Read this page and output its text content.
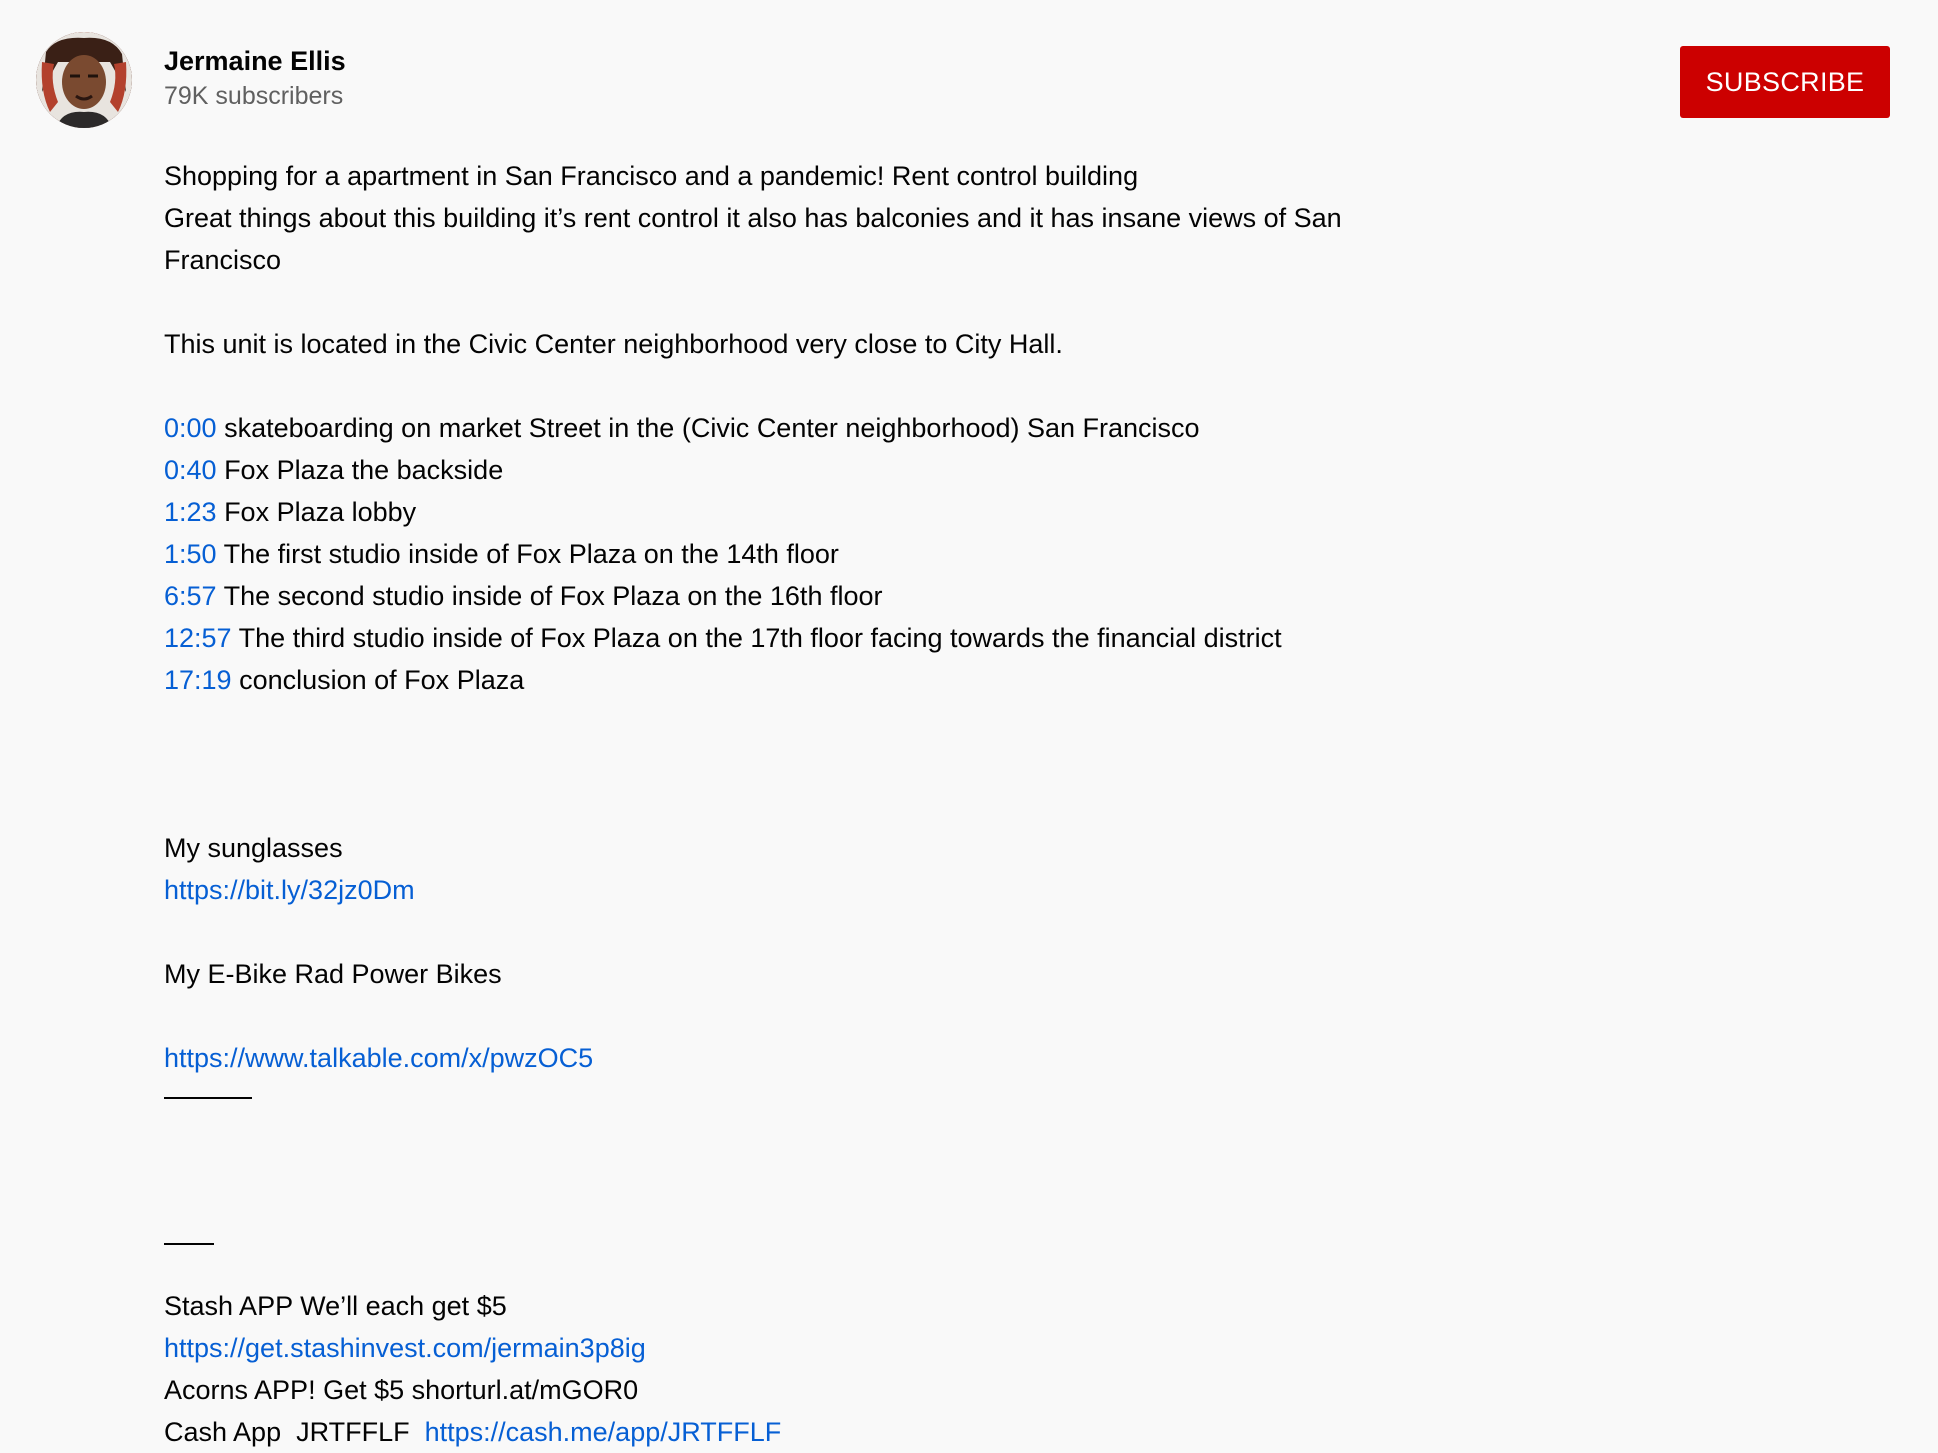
Jermaine Ellis
79K subscribers	SUBSCRIBE
Shopping for a apartment in San Francisco and a pandemic! Rent control building
Great things about this building it’s rent control it also has balconies and it has insane views of San Francisco
This unit is located in the Civic Center neighborhood very close to City Hall.
0:00 skateboarding on market Street in the (Civic Center neighborhood) San Francisco
0:40 Fox Plaza the backside
1:23 Fox Plaza lobby
1:50 The first studio inside of Fox Plaza on the 14th floor
6:57 The second studio inside of Fox Plaza on the 16th floor
12:57 The third studio inside of Fox Plaza on the 17th floor facing towards the financial district
17:19 conclusion of Fox Plaza
My sunglasses
https://bit.ly/32jz0Dm
My E-Bike Rad Power Bikes
https://www.talkable.com/x/pwzOC5
Stash APP We’ll each get $5
https://get.stashinvest.com/jermain3p8ig
Acorns APP! Get $5 shorturl.at/mGOR0
Cash App  JRTFFLF  https://cash.me/app/JRTFFLF
